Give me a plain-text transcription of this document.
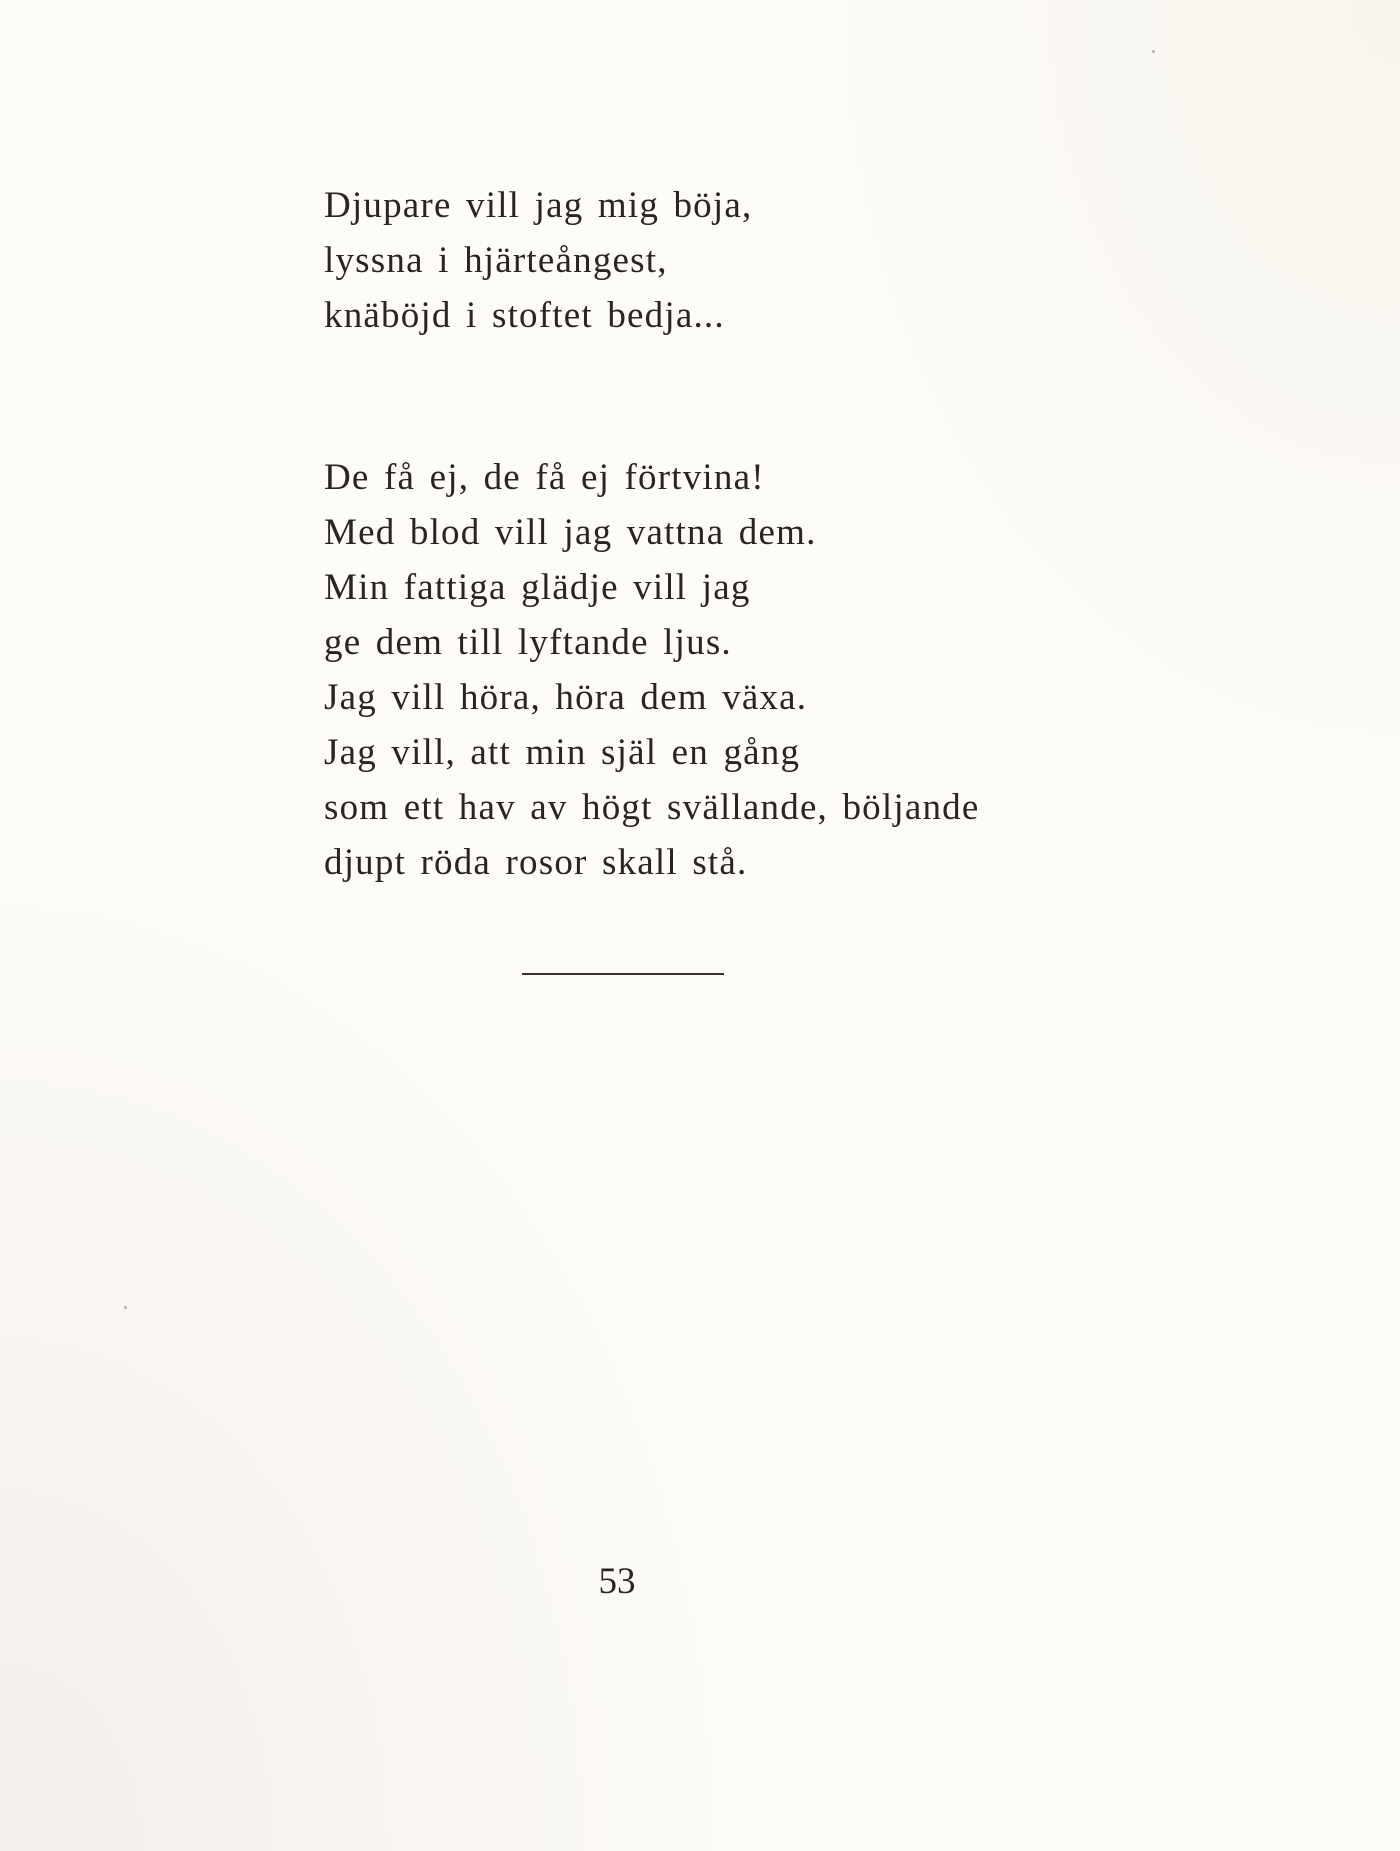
Djupare vill jag mig böja,
lyssna i hjärteångest,
knäböjd i stoftet bedja...
De få ej, de få ej förtvina!
Med blod vill jag vattna dem.
Min fattiga glädje vill jag
ge dem till lyftande ljus.
Jag vill höra, höra dem växa.
Jag vill, att min själ en gång
som ett hav av högt svällande, böljande
djupt röda rosor skall stå.
53
